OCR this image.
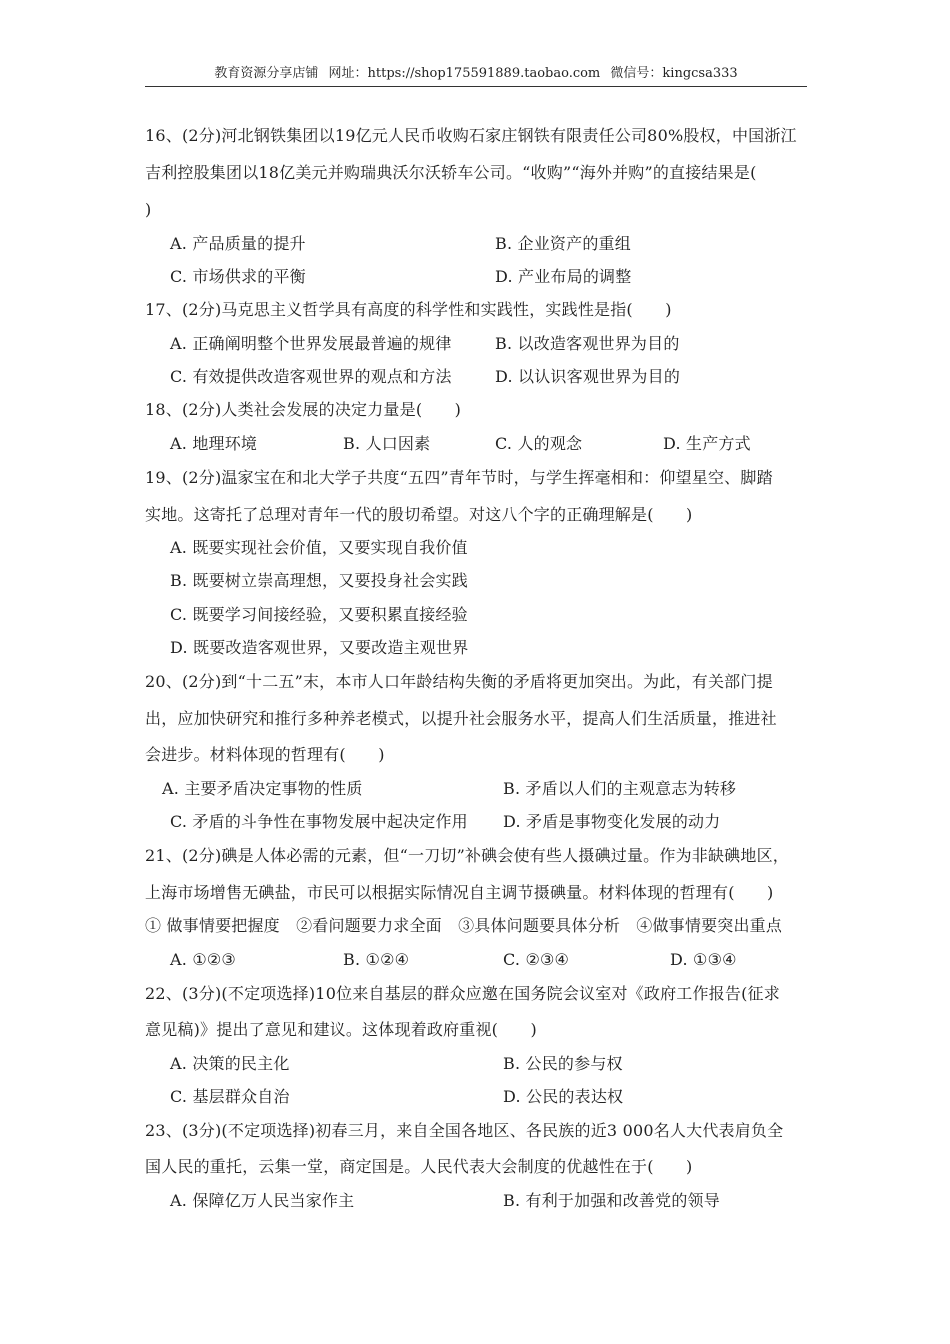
教育资源分享店铺 网址：https://shop175591889.taobao.com 微信号：kingcsa333
16、(2分)河北钢铁集团以19亿元人民币收购石家庄钢铁有限责任公司80%股权，中国浙江
吉利控股集团以18亿美元并购瑞典沃尔沃轿车公司。“收购”“海外并购”的直接结果是(
)
A. 产品质量的提升	B. 企业资产的重组
C. 市场供求的平衡	D. 产业布局的调整
17、(2分)马克思主义哲学具有高度的科学性和实践性，实践性是指(　　)
A. 正确阐明整个世界发展最普遍的规律	B. 以改造客观世界为目的
C. 有效提供改造客观世界的观点和方法	D. 以认识客观世界为目的
18、(2分)人类社会发展的决定力量是(　　)
A. 地理环境	B. 人口因素	C. 人的观念	D. 生产方式
19、(2分)温家宝在和北大学子共度“五四”青年节时，与学生挥毫相和：仰望星空、脚踏
实地。这寄托了总理对青年一代的殷切希望。对这八个字的正确理解是(　　)
A. 既要实现社会价值，又要实现自我价值
B. 既要树立崇高理想，又要投身社会实践
C. 既要学习间接经验，又要积累直接经验
D. 既要改造客观世界，又要改造主观世界
20、(2分)到“十二五”末，本市人口年龄结构失衡的矛盾将更加突出。为此，有关部门提
出，应加快研究和推行多种养老模式，以提升社会服务水平，提高人们生活质量，推进社
会进步。材料体现的哲理有(　　)
A. 主要矛盾决定事物的性质	B. 矛盾以人们的主观意志为转移
C. 矛盾的斗争性在事物发展中起决定作用 D. 矛盾是事物变化发展的动力
21、(2分)碘是人体必需的元素，但“一刀切”补碘会使有些人摄碘过量。作为非缺碘地区，
上海市场增售无碘盐，市民可以根据实际情况自主调节摄碘量。材料体现的哲理有(　　)
① 做事情要把握度　②看问题要力求全面　③具体问题要具体分析　④做事情要突出重点
A. ①②③	B. ①②④	C. ②③④	D. ①③④
22、(3分)(不定项选择)10位来自基层的群众应邀在国务院会议室对《政府工作报告(征求
意见稿)》提出了意见和建议。这体现着政府重视(　　)
A. 决策的民主化	B. 公民的参与权
C. 基层群众自治	D. 公民的表达权
23、(3分)(不定项选择)初春三月，来自全国各地区、各民族的近3 000名人大代表肩负全
国人民的重托，云集一堂，商定国是。人民代表大会制度的优越性在于(　　)
A. 保障亿万人民当家作主	B. 有利于加强和改善党的领导
